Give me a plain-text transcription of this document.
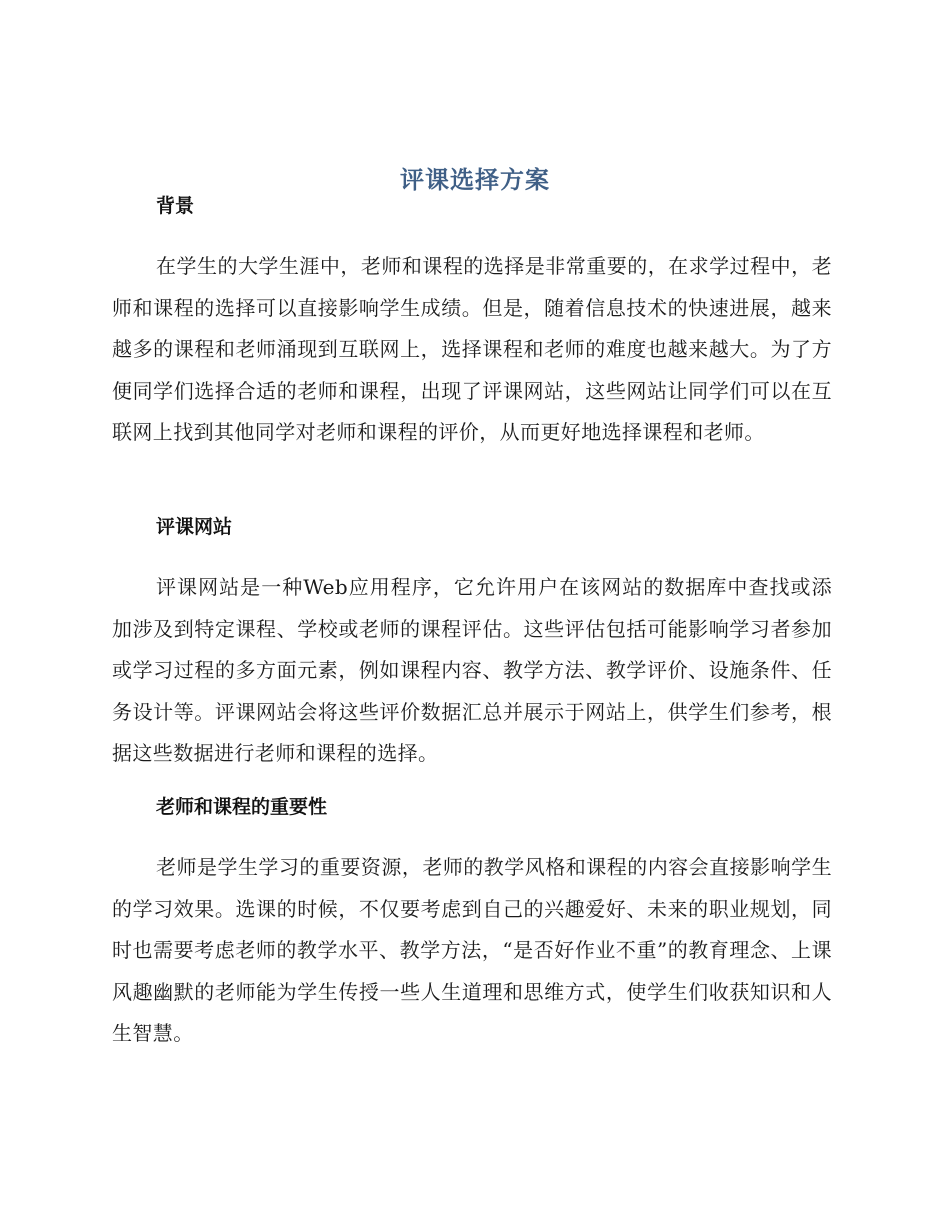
评课选择方案
背景

在学生的大学生涯中，老师和课程的选择是非常重要的，在求学过程中，老师和课程的选择可以直接影响学生成绩。但是，随着信息技术的快速进展，越来越多的课程和老师涌现到互联网上，选择课程和老师的难度也越来越大。为了方便同学们选择合适的老师和课程，出现了评课网站，这些网站让同学们可以在互联网上找到其他同学对老师和课程的评价，从而更好地选择课程和老师。

评课网站

评课网站是一种Web应用程序，它允许用户在该网站的数据库中查找或添加涉及到特定课程、学校或老师的课程评估。这些评估包括可能影响学习者参加或学习过程的多方面元素，例如课程内容、教学方法、教学评价、设施条件、任务设计等。评课网站会将这些评价数据汇总并展示于网站上，供学生们参考，根据这些数据进行老师和课程的选择。

老师和课程的重要性

老师是学生学习的重要资源，老师的教学风格和课程的内容会直接影响学生的学习效果。选课的时候，不仅要考虑到自己的兴趣爱好、未来的职业规划，同时也需要考虑老师的教学水平、教学方法，“是否好作业不重”的教育理念、上课风趣幽默的老师能为学生传授一些人生道理和思维方式，使学生们收获知识和人生智慧。
